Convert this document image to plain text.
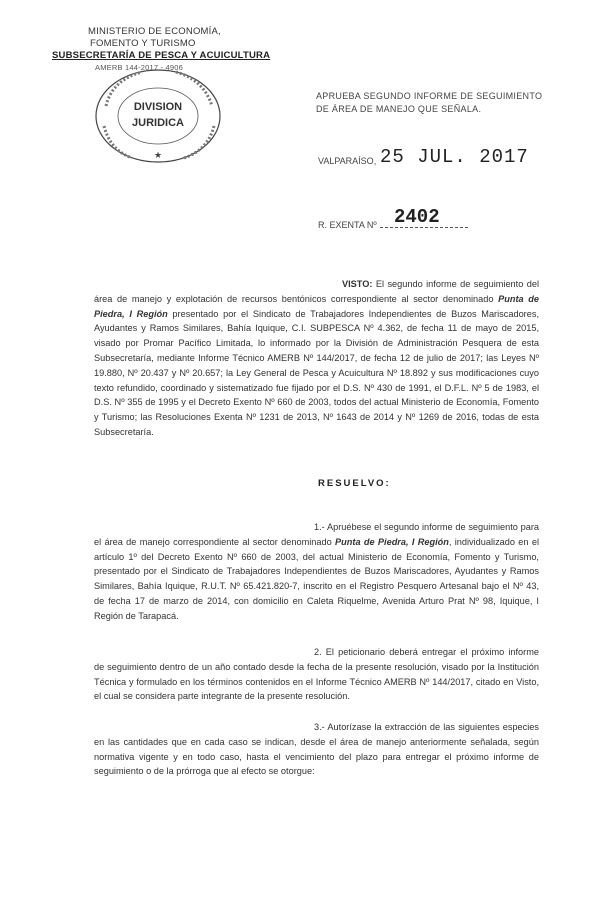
MINISTERIO DE ECONOMÍA,
FOMENTO Y TURISMO
SUBSECRETARÍA DE PESCA Y ACUICULTURA
AMERB 144-2017 - 4906
DIVISION
JURIDICA
★
APRUEBA SEGUNDO INFORME DE SEGUIMIENTO DE ÁREA DE MANEJO QUE SEÑALA.
VALPARAÍSO, 25 JUL. 2017
R. EXENTA Nº 2402
VISTO: El segundo informe de seguimiento del área de manejo y explotación de recursos bentónicos correspondiente al sector denominado Punta de Piedra, I Región presentado por el Sindicato de Trabajadores Independientes de Buzos Mariscadores, Ayudantes y Ramos Similares, Bahía Iquique, C.I. SUBPESCA Nº 4.362, de fecha 11 de mayo de 2015, visado por Promar Pacífico Limitada, lo informado por la División de Administración Pesquera de esta Subsecretaría, mediante Informe Técnico AMERB Nº 144/2017, de fecha 12 de julio de 2017; las Leyes Nº 19.880, Nº 20.437 y Nº 20.657; la Ley General de Pesca y Acuicultura Nº 18.892 y sus modificaciones cuyo texto refundido, coordinado y sistematizado fue fijado por el D.S. Nº 430 de 1991, el D.F.L. Nº 5 de 1983, el D.S. Nº 355 de 1995 y el Decreto Exento Nº 660 de 2003, todos del actual Ministerio de Economía, Fomento y Turismo; las Resoluciones Exenta Nº 1231 de 2013, Nº 1643 de 2014 y Nº 1269 de 2016, todas de esta Subsecretaría.
RESUELVO:
1.- Apruébese el segundo informe de seguimiento para el área de manejo correspondiente al sector denominado Punta de Piedra, I Región, individualizado en el artículo 1º del Decreto Exento Nº 660 de 2003, del actual Ministerio de Economía, Fomento y Turismo, presentado por el Sindicato de Trabajadores Independientes de Buzos Mariscadores, Ayudantes y Ramos Similares, Bahía Iquique, R.U.T. Nº 65.421.820-7, inscrito en el Registro Pesquero Artesanal bajo el Nº 43, de fecha 17 de marzo de 2014, con domicilio en Caleta Riquelme, Avenida Arturo Prat Nº 98, Iquique, I Región de Tarapacá.
2. El peticionario deberá entregar el próximo informe de seguimiento dentro de un año contado desde la fecha de la presente resolución, visado por la Institución Técnica y formulado en los términos contenidos en el Informe Técnico AMERB Nº 144/2017, citado en Visto, el cual se considera parte integrante de la presente resolución.
3.- Autorízase la extracción de las siguientes especies en las cantidades que en cada caso se indican, desde el área de manejo anteriormente señalada, según normativa vigente y en todo caso, hasta el vencimiento del plazo para entregar el próximo informe de seguimiento o de la prórroga que al efecto se otorgue:
